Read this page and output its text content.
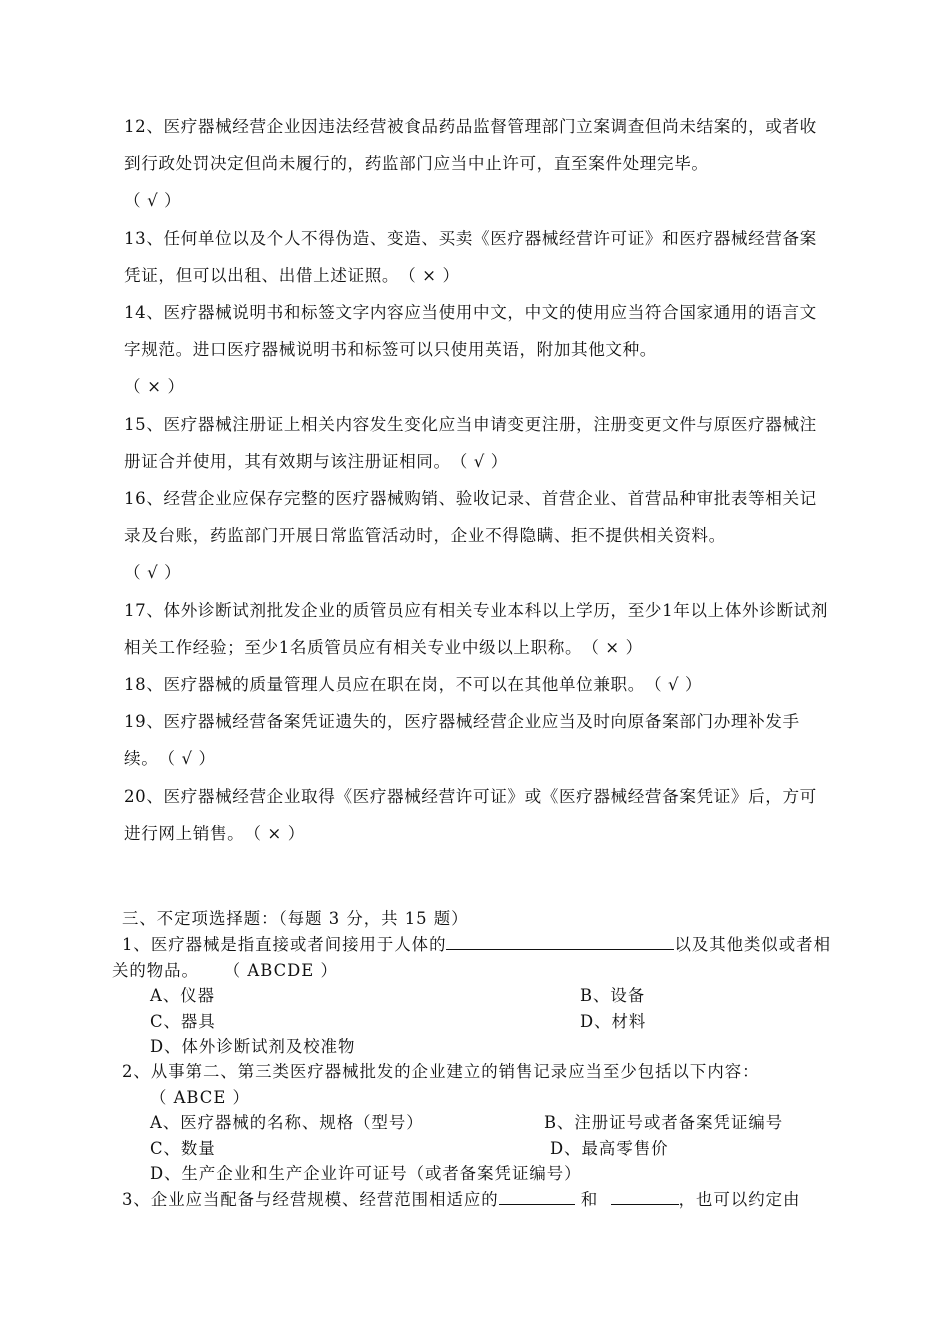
12、医疗器械经营企业因违法经营被食品药品监督管理部门立案调查但尚未结案的，或者收到行政处罚决定但尚未履行的，药监部门应当中止许可，直至案件处理完毕。
（ √ ）

13、任何单位以及个人不得伪造、变造、买卖《医疗器械经营许可证》和医疗器械经营备案凭证，但可以出租、出借上述证照。（ × ）

14、医疗器械说明书和标签文字内容应当使用中文，中文的使用应当符合国家通用的语言文字规范。进口医疗器械说明书和标签可以只使用英语，附加其他文种。
（ × ）

15、医疗器械注册证上相关内容发生变化应当申请变更注册，注册变更文件与原医疗器械注册证合并使用，其有效期与该注册证相同。（ √ ）

16、经营企业应保存完整的医疗器械购销、验收记录、首营企业、首营品种审批表等相关记录及台账，药监部门开展日常监管活动时，企业不得隐瞒、拒不提供相关资料。
（ √ ）

17、体外诊断试剂批发企业的质管员应有相关专业本科以上学历，至少1年以上体外诊断试剂相关工作经验；至少1名质管员应有相关专业中级以上职称。（ × ）

18、医疗器械的质量管理人员应在职在岗，不可以在其他单位兼职。（ √ ）

19、医疗器械经营备案凭证遗失的，医疗器械经营企业应当及时向原备案部门办理补发手续。（ √ ）

20、医疗器械经营企业取得《医疗器械经营许可证》或《医疗器械经营备案凭证》后，方可进行网上销售。（ × ）

三、不定项选择题：（每题 3 分，共 15 题）

1、医疗器械是指直接或者间接用于人体的	以及其他类似或者相

关的物品。 （ ABCDE ）

A、仪器	B、设备
C、器具	D、材料

D、体外诊断试剂及校准物

2、从事第二、第三类医疗器械批发的企业建立的销售记录应当至少包括以下内容：

（ ABCE ）

A、医疗器械的名称、规格（型号）	B、注册证号或者备案凭证编号
C、数量	D、最高零售价

D、生产企业和生产企业许可证号（或者备案凭证编号）

3、企业应当配备与经营规模、经营范围相适应的	和	，也可以约定由
